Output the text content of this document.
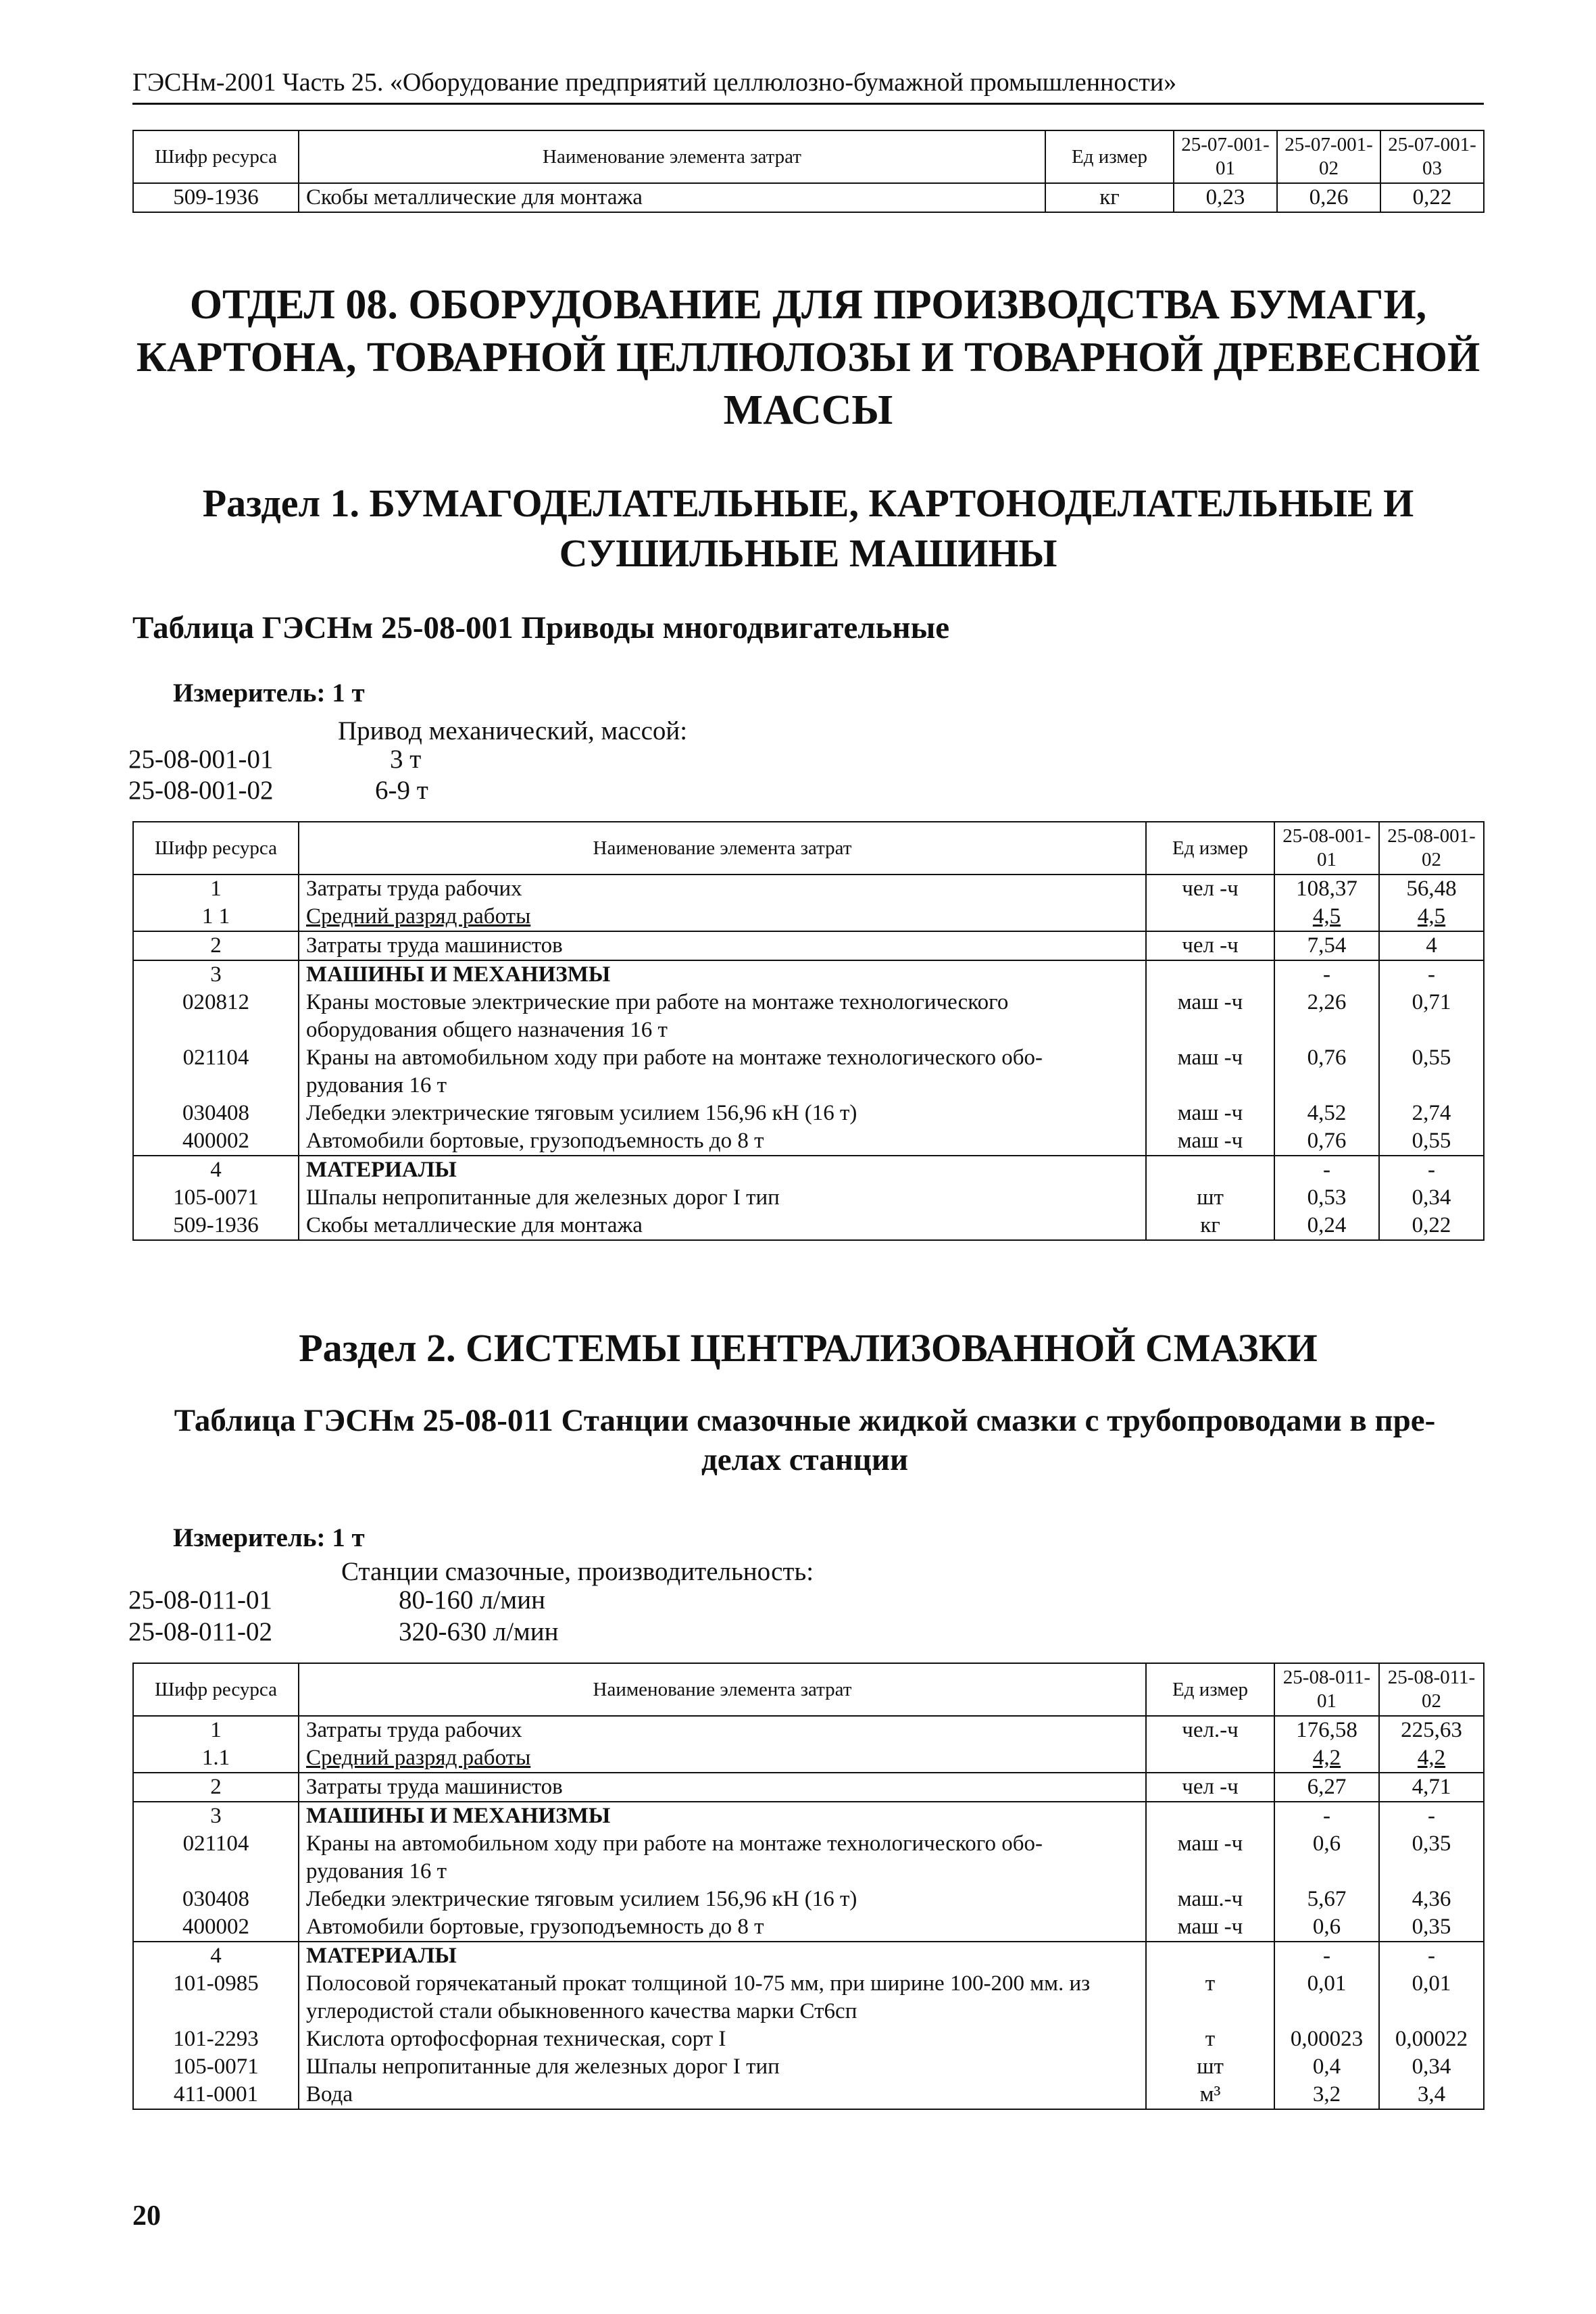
ГЭСНм-2001 Часть 25. «Оборудование предприятий целлюлозно-бумажной промышленности»
Шифр ресурса	Наименование элемента затрат	Ед измер	25-07-001-01	25-07-001-02	25-07-001-03
509-1936	Скобы металлические для монтажа	кг	0,23	0,26	0,22
ОТДЕЛ 08. ОБОРУДОВАНИЕ ДЛЯ ПРОИЗВОДСТВА БУМАГИ,
КАРТОНА, ТОВАРНОЙ ЦЕЛЛЮЛОЗЫ И ТОВАРНОЙ ДРЕВЕСНОЙ
МАССЫ
Раздел 1. БУМАГОДЕЛАТЕЛЬНЫЕ, КАРТОНОДЕЛАТЕЛЬНЫЕ И
СУШИЛЬНЫЕ МАШИНЫ
Таблица ГЭСНм 25-08-001 Приводы многодвигательные
Измеритель: 1 т
Привод механический, массой:
25-08-001-01	3 т
25-08-001-02	6-9 т
Шифр ресурса	Наименование элемента затрат	Ед измер	25-08-001-01	25-08-001-02
1	Затраты труда рабочих	чел -ч	108,37	56,48
1 1	Средний разряд работы		4,5	4,5
2	Затраты труда машинистов	чел -ч	7,54	4
3	МАШИНЫ И МЕХАНИЗМЫ		-	-
020812	Краны мостовые электрические при работе на монтаже технологического оборудования общего назначения 16 т	маш -ч	2,26	0,71
021104	Краны на автомобильном ходу при работе на монтаже технологического обо-рудования 16 т	маш -ч	0,76	0,55
030408	Лебедки электрические тяговым усилием 156,96 кН (16 т)	маш -ч	4,52	2,74
400002	Автомобили бортовые, грузоподъемность до 8 т	маш -ч	0,76	0,55
4	МАТЕРИАЛЫ		-	-
105-0071	Шпалы непропитанные для железных дорог I тип	шт	0,53	0,34
509-1936	Скобы металлические для монтажа	кг	0,24	0,22
Раздел 2. СИСТЕМЫ ЦЕНТРАЛИЗОВАННОЙ СМАЗКИ
Таблица ГЭСНм 25-08-011 Станции смазочные жидкой смазки с трубопроводами в пре-
делах станции
Измеритель: 1 т
Станции смазочные, производительность:
25-08-011-01	80-160 л/мин
25-08-011-02	320-630 л/мин
Шифр ресурса	Наименование элемента затрат	Ед измер	25-08-011-01	25-08-011-02
1	Затраты труда рабочих	чел.-ч	176,58	225,63
1.1	Средний разряд работы		4,2	4,2
2	Затраты труда машинистов	чел -ч	6,27	4,71
3	МАШИНЫ И МЕХАНИЗМЫ		-	-
021104	Краны на автомобильном ходу при работе на монтаже технологического обо-рудования 16 т	маш -ч	0,6	0,35
030408	Лебедки электрические тяговым усилием 156,96 кН (16 т)	маш.-ч	5,67	4,36
400002	Автомобили бортовые, грузоподъемность до 8 т	маш -ч	0,6	0,35
4	МАТЕРИАЛЫ		-	-
101-0985	Полосовой горячекатаный прокат толщиной 10-75 мм, при ширине 100-200 мм. из углеродистой стали обыкновенного качества марки Ст6сп	т	0,01	0,01
101-2293	Кислота ортофосфорная техническая, сорт I	т	0,00023	0,00022
105-0071	Шпалы непропитанные для железных дорог I тип	шт	0,4	0,34
411-0001	Вода	м³	3,2	3,4
20
